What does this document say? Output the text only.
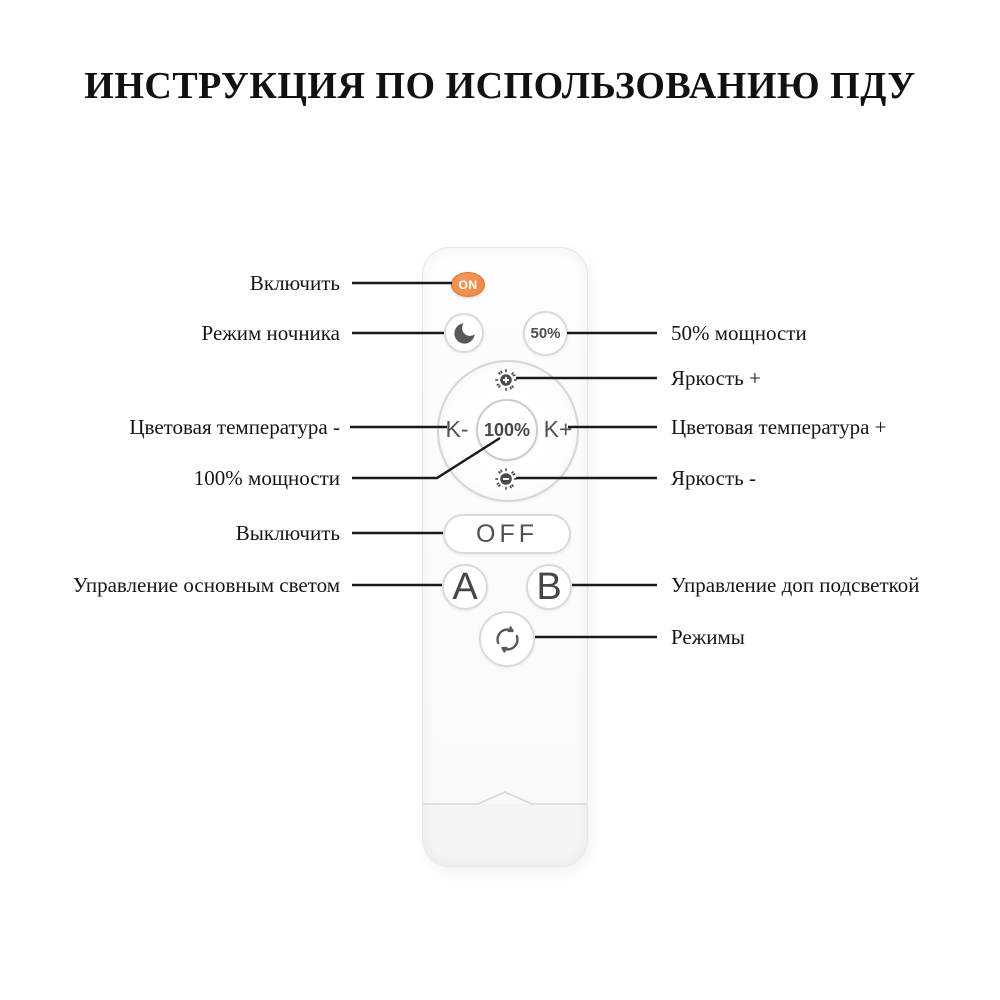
ИНСТРУКЦИЯ ПО ИСПОЛЬЗОВАНИЮ ПДУ
ON
50%
K- 100% K+
OFF
A B
Включить
Режим ночника
Цветовая температура -
100% мощности
Выключить
Управление основным светом
50% мощности
Яркость +
Цветовая температура +
Яркость -
Управление доп подсветкой
Режимы
